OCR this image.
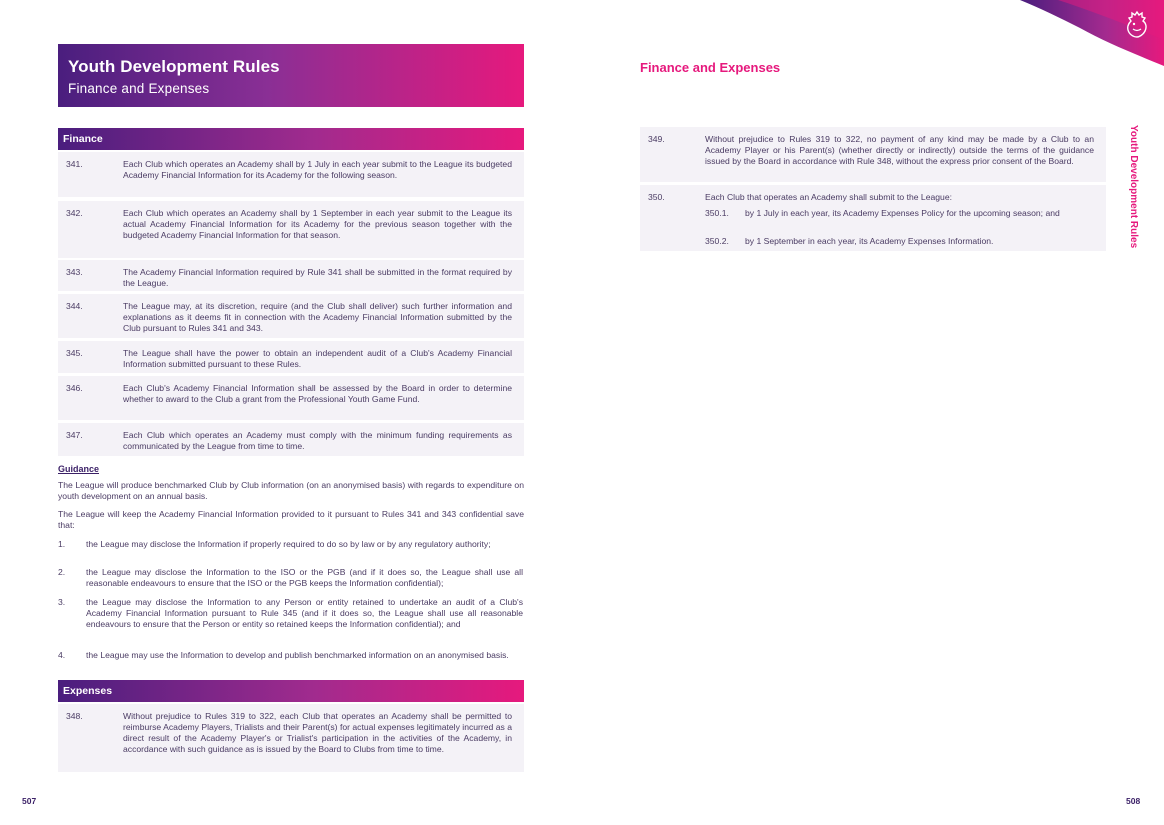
Youth Development Rules
Finance and Expenses
Finance
341.	Each Club which operates an Academy shall by 1 July in each year submit to the League its budgeted Academy Financial Information for its Academy for the following season.
342.	Each Club which operates an Academy shall by 1 September in each year submit to the League its actual Academy Financial Information for its Academy for the previous season together with the budgeted Academy Financial Information for that season.
343.	The Academy Financial Information required by Rule 341 shall be submitted in the format required by the League.
344.	The League may, at its discretion, require (and the Club shall deliver) such further information and explanations as it deems fit in connection with the Academy Financial Information submitted by the Club pursuant to Rules 341 and 343.
345.	The League shall have the power to obtain an independent audit of a Club's Academy Financial Information submitted pursuant to these Rules.
346.	Each Club's Academy Financial Information shall be assessed by the Board in order to determine whether to award to the Club a grant from the Professional Youth Game Fund.
347.	Each Club which operates an Academy must comply with the minimum funding requirements as communicated by the League from time to time.
Guidance
The League will produce benchmarked Club by Club information (on an anonymised basis) with regards to expenditure on youth development on an annual basis.
The League will keep the Academy Financial Information provided to it pursuant to Rules 341 and 343 confidential save that:
1. the League may disclose the Information if properly required to do so by law or by any regulatory authority;
2. the League may disclose the Information to the ISO or the PGB (and if it does so, the League shall use all reasonable endeavours to ensure that the ISO or the PGB keeps the Information confidential);
3. the League may disclose the Information to any Person or entity retained to undertake an audit of a Club's Academy Financial Information pursuant to Rule 345 (and if it does so, the League shall use all reasonable endeavours to ensure that the Person or entity so retained keeps the Information confidential); and
4. the League may use the Information to develop and publish benchmarked information on an anonymised basis.
Expenses
348.	Without prejudice to Rules 319 to 322, each Club that operates an Academy shall be permitted to reimburse Academy Players, Trialists and their Parent(s) for actual expenses legitimately incurred as a direct result of the Academy Player's or Trialist's participation in the activities of the Academy, in accordance with such guidance as is issued by the Board to Clubs from time to time.
507
Finance and Expenses
349.	Without prejudice to Rules 319 to 322, no payment of any kind may be made by a Club to an Academy Player or his Parent(s) (whether directly or indirectly) outside the terms of the guidance issued by the Board in accordance with Rule 348, without the express prior consent of the Board.
350.	Each Club that operates an Academy shall submit to the League:
350.1. by 1 July in each year, its Academy Expenses Policy for the upcoming season; and
350.2. by 1 September in each year, its Academy Expenses Information.	Youth Development Rules
508
